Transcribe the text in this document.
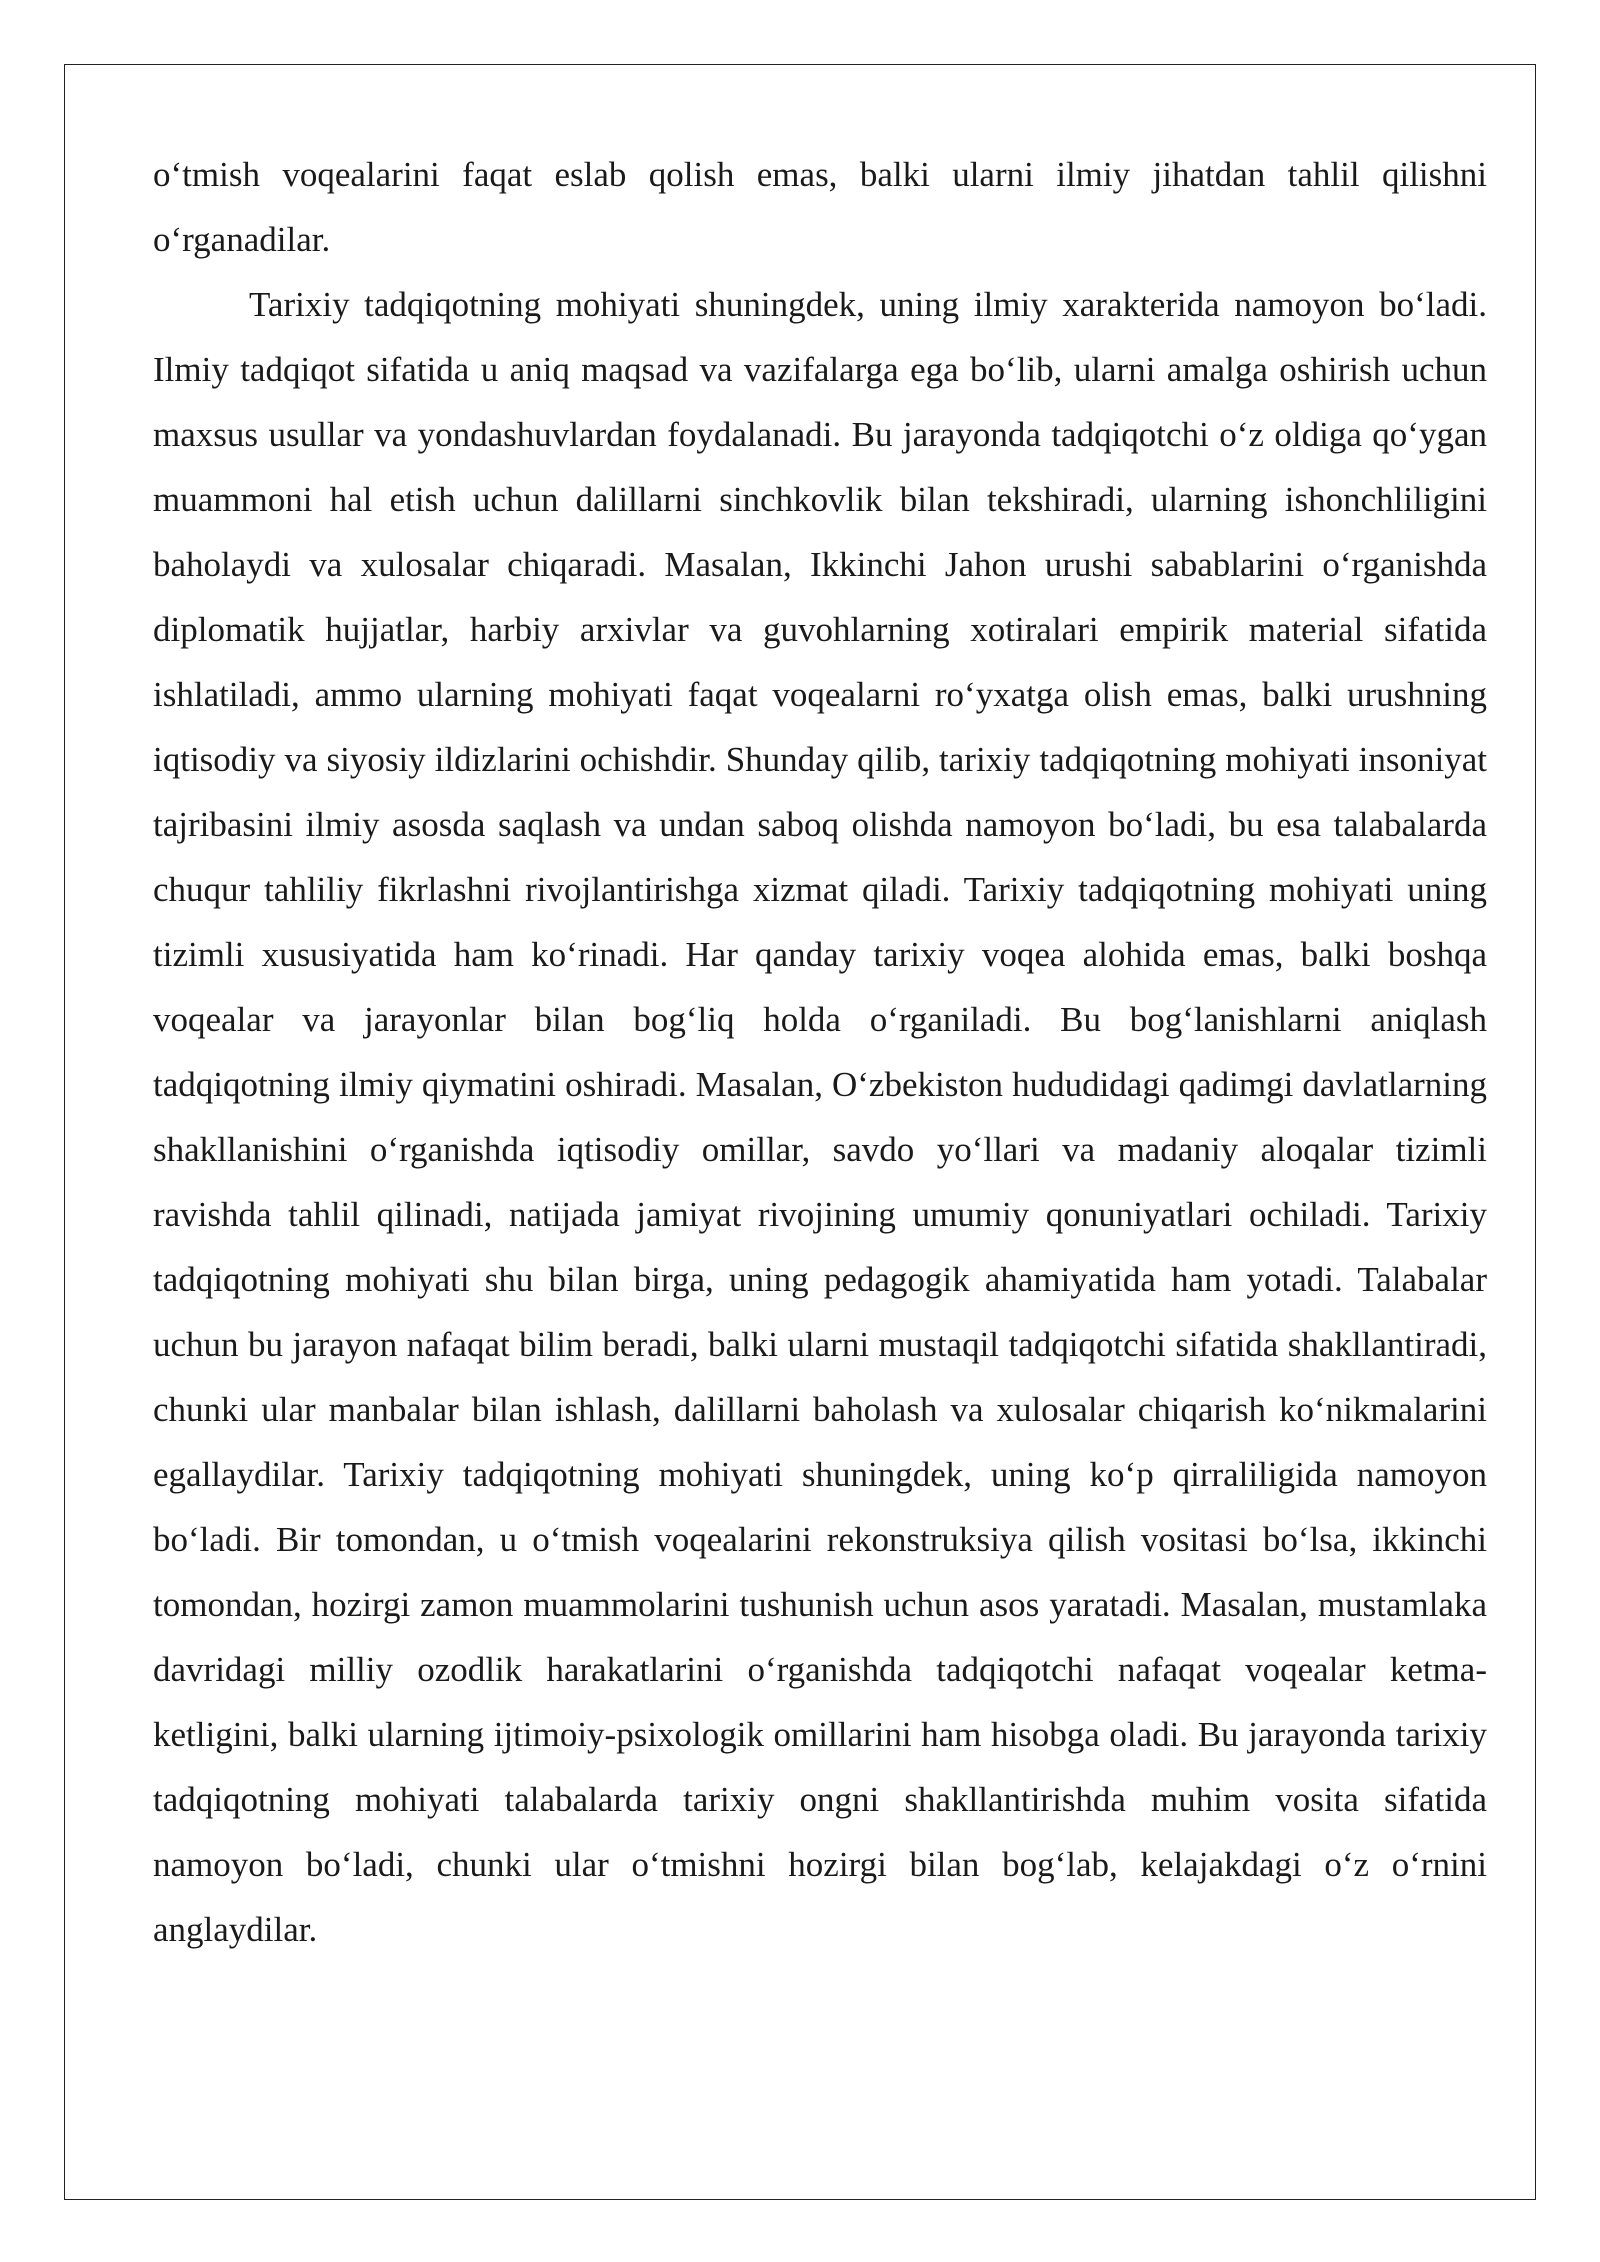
oʻtmish voqealarini faqat eslab qolish emas, balki ularni ilmiy jihatdan tahlil qilishni oʻrganadilar.

Tarixiy tadqiqotning mohiyati shuningdek, uning ilmiy xarakterida namoyon boʻladi. Ilmiy tadqiqot sifatida u aniq maqsad va vazifalarga ega boʻlib, ularni amalga oshirish uchun maxsus usullar va yondashuvlardan foydalanadi. Bu jarayonda tadqiqotchi oʻz oldiga qoʻygan muammoni hal etish uchun dalillarni sinchkovlik bilan tekshiradi, ularning ishonchliligini baholaydi va xulosalar chiqaradi. Masalan, Ikkinchi Jahon urushi sabablarini oʻrganishda diplomatik hujjatlar, harbiy arxivlar va guvohlarning xotiralari empirik material sifatida ishlatiladi, ammo ularning mohiyati faqat voqealarni roʻyxatga olish emas, balki urushning iqtisodiy va siyosiy ildizlarini ochishdir. Shunday qilib, tarixiy tadqiqotning mohiyati insoniyat tajribasini ilmiy asosda saqlash va undan saboq olishda namoyon boʻladi, bu esa talabalarda chuqur tahliliy fikrlashni rivojlantirishga xizmat qiladi. Tarixiy tadqiqotning mohiyati uning tizimli xususiyatida ham koʻrinadi. Har qanday tarixiy voqea alohida emas, balki boshqa voqealar va jarayonlar bilan bogʻliq holda oʻrganiladi. Bu bogʻlanishlarni aniqlash tadqiqotning ilmiy qiymatini oshiradi. Masalan, Oʻzbekiston hududidagi qadimgi davlatlarning shakllanishini oʻrganishda iqtisodiy omillar, savdo yoʻllari va madaniy aloqalar tizimli ravishda tahlil qilinadi, natijada jamiyat rivojining umumiy qonuniyatlari ochiladi. Tarixiy tadqiqotning mohiyati shu bilan birga, uning pedagogik ahamiyatida ham yotadi. Talabalar uchun bu jarayon nafaqat bilim beradi, balki ularni mustaqil tadqiqotchi sifatida shakllantiradi, chunki ular manbalar bilan ishlash, dalillarni baholash va xulosalar chiqarish koʻnikmalarini egallaydilar. Tarixiy tadqiqotning mohiyati shuningdek, uning koʻp qirraliligida namoyon boʻladi. Bir tomondan, u oʻtmish voqealarini rekonstruksiya qilish vositasi boʻlsa, ikkinchi tomondan, hozirgi zamon muammolarini tushunish uchun asos yaratadi. Masalan, mustamlaka davridagi milliy ozodlik harakatlarini oʻrganishda tadqiqotchi nafaqat voqealar ketma-ketligini, balki ularning ijtimoiy-psixologik omillarini ham hisobga oladi. Bu jarayonda tarixiy tadqiqotning mohiyati talabalarda tarixiy ongni shakllantirishda muhim vosita sifatida namoyon boʻladi, chunki ular oʻtmishni hozirgi bilan bogʻlab, kelajakdagi oʻz oʻrnini anglaydilar.
